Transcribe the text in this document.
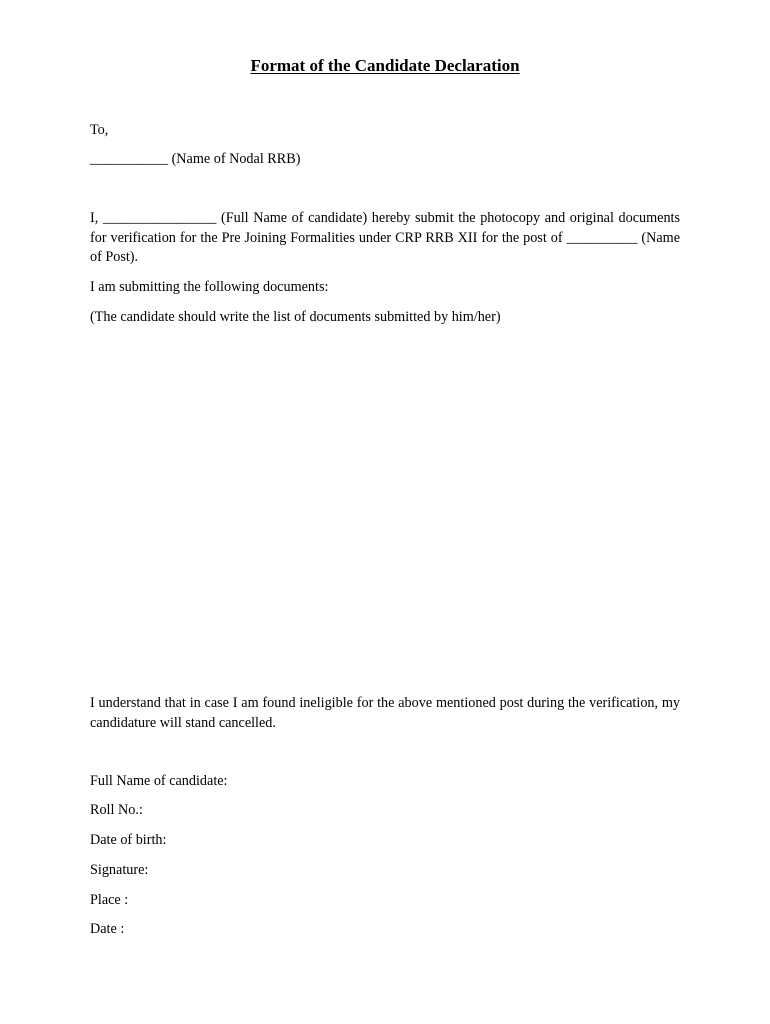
Format of the Candidate Declaration
To,
___________ (Name of Nodal RRB)
I, ________________ (Full Name of candidate) hereby submit the photocopy and original documents for verification for the Pre Joining Formalities under CRP RRB XII for the post of __________ (Name of Post).
I am submitting the following documents:
(The candidate should write the list of documents submitted by him/her)
I understand that in case I am found ineligible for the above mentioned post during the verification, my candidature will stand cancelled.
Full Name of candidate:
Roll No.:
Date of birth:
Signature:
Place :
Date :
